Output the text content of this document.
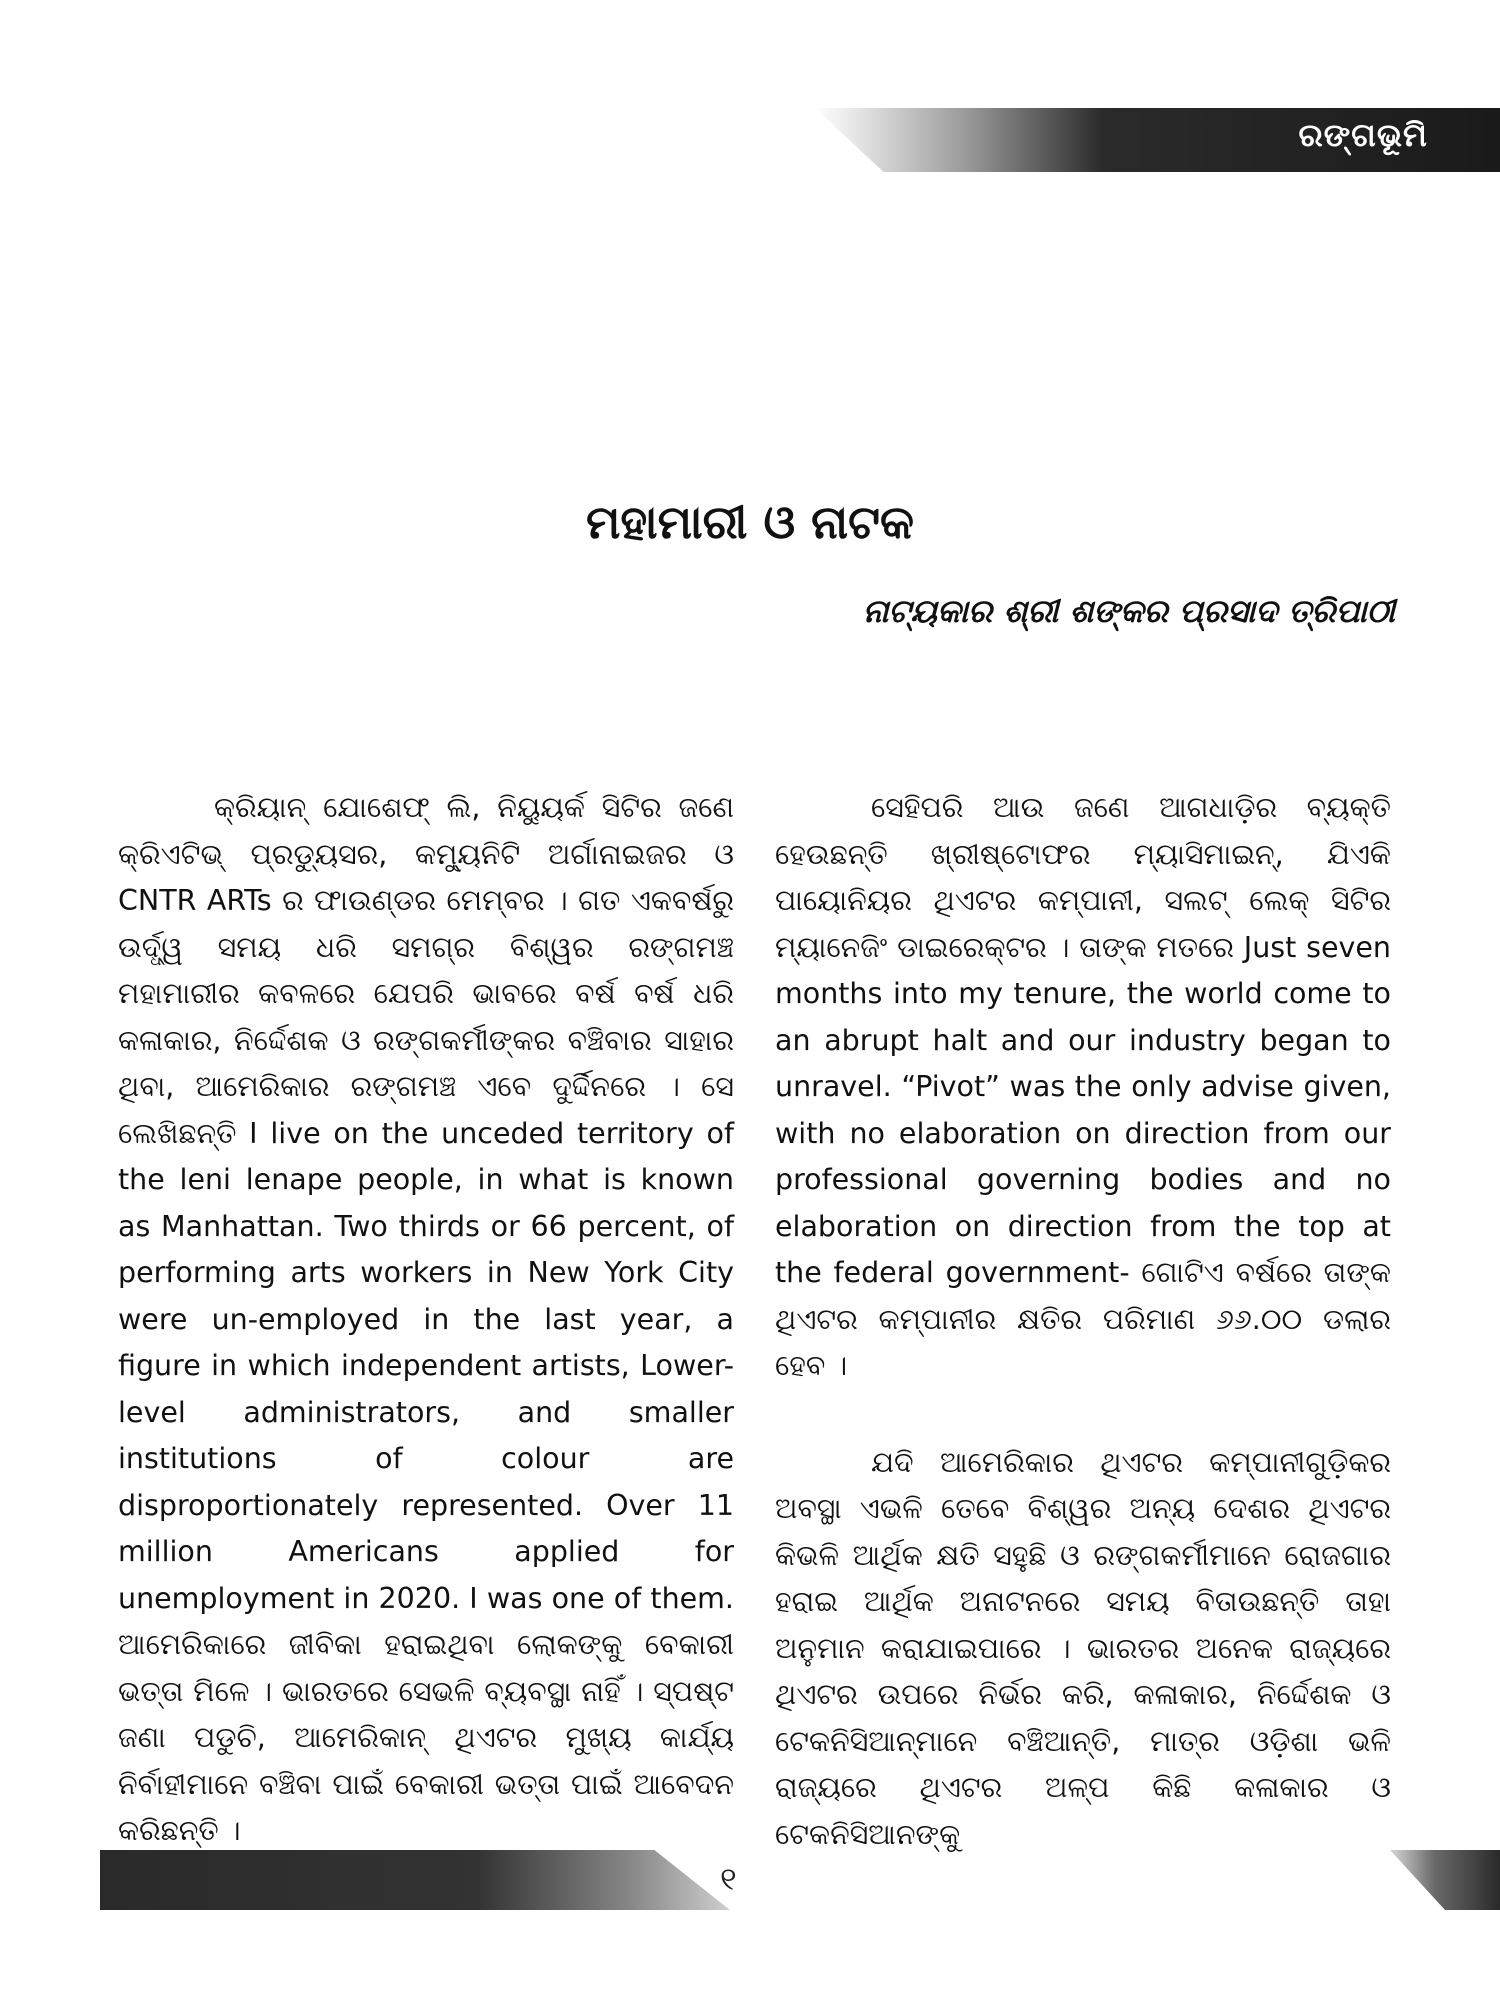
ରଙ୍ଗଭୂମି
ମହାମାରୀ ଓ ନାଟକ
ନାଟ୍ୟକାର ଶ୍ରୀ ଶଙ୍କର ପ୍ରସାଦ ତ୍ରିପାଠୀ

କ୍ରିୟାନ୍ ଯୋଶେଫ୍ ଲି, ନିୟୁୟର୍କ ସିଟିର ଜଣେ କ୍ରିଏଟିଭ୍ ପ୍ରଡ୍ୟୁସର, କମ୍ୟୁନିଟି ଅର୍ଗାନାଇଜର ଓ CNTR ARTs ର ଫାଉଣ୍ଡର ମେମ୍ବର । ଗତ ଏକବର୍ଷରୁ ଉର୍ଦ୍ଧ୍ୱ ସମୟ ଧରି ସମଗ୍ର ବିଶ୍ୱର ରଙ୍ଗମଞ୍ଚ ମହାମାରୀର କବଳରେ ଯେପରି ଭାବରେ ବର୍ଷ ବର୍ଷ ଧରି କଳାକାର, ନିର୍ଦ୍ଦେଶକ ଓ ରଙ୍ଗକର୍ମୀଙ୍କର ବଞ୍ଚିବାର ସାହାର ଥିବା, ଆମେରିକାର ରଙ୍ଗମଞ୍ଚ ଏବେ ଦୁର୍ଦ୍ଦିନରେ । ସେ ଲେଖିଛନ୍ତି I live on the unceded territory of the leni lenape people, in what is known as Manhattan. Two thirds or 66 percent, of performing arts workers in New York City were un-employed in the last year, a figure in which independent artists, Lower-level administrators, and smaller institutions of colour are disproportionately represented. Over 11 million Americans applied for unemployment in 2020. I was one of them. ଆମେରିକାରେ ଜୀବିକା ହରାଇଥିବା ଲୋକଙ୍କୁ ବେକାରୀ ଭତ୍ତା ମିଳେ । ଭାରତରେ ସେଭଳି ବ୍ୟବସ୍ଥା ନାହିଁ । ସ୍ପଷ୍ଟ ଜଣା ପଡୁଚି, ଆମେରିକାନ୍ ଥିଏଟର ମୁଖ୍ୟ କାର୍ଯ୍ୟ ନିର୍ବାହୀମାନେ ବଞ୍ଚିବା ପାଇଁ ବେକାରୀ ଭତ୍ତା ପାଇଁ ଆବେଦନ କରିଛନ୍ତି ।

ସେହିପରି ଆଉ ଜଣେ ଆଗଧାଡ଼ିର ବ୍ୟକ୍ତି ହେଉଛନ୍ତି ଖ୍ରୀଷ୍ଟୋଫର ମ୍ୟାସିମାଇନ୍, ଯିଏକି ପାୟୋନିୟର ଥିଏଟର କମ୍ପାନୀ, ସଲଟ୍ ଲେକ୍ ସିଟିର ମ୍ୟାନେଜିଂ ଡାଇରେକ୍ଟର । ତାଙ୍କ ମତରେ Just seven months into my tenure, the world come to an abrupt halt and our industry began to unravel. “Pivot” was the only advise given, with no elaboration on direction from our professional governing bodies and no elaboration on direction from the top at the federal government- ଗୋଟିଏ ବର୍ଷରେ ତାଙ୍କ ଥିଏଟର କମ୍ପାନୀର କ୍ଷତିର ପରିମାଣ ୬୬.୦୦ ଡଲାର ହେବ ।

ଯଦି ଆମେରିକାର ଥିଏଟର କମ୍ପାନୀଗୁଡ଼ିକର ଅବସ୍ଥା ଏଭଳି ତେବେ ବିଶ୍ୱର ଅନ୍ୟ ଦେଶର ଥିଏଟର କିଭଳି ଆର୍ଥିକ କ୍ଷତି ସହୁଛି ଓ ରଙ୍ଗକର୍ମୀମାନେ ରୋଜଗାର ହରାଇ ଆର୍ଥିକ ଅନାଟନରେ ସମୟ ବିତାଉଛନ୍ତି ତାହା ଅନୁମାନ କରାଯାଇପାରେ । ଭାରତର ଅନେକ ରାଜ୍ୟରେ ଥିଏଟର ଉପରେ ନିର୍ଭର କରି, କଳାକାର, ନିର୍ଦ୍ଦେଶକ ଓ ଟେକନିସିଆନ୍‌ମାନେ ବଞ୍ଚିଆନ୍ତି, ମାତ୍ର ଓଡ଼ିଶା ଭଳି ରାଜ୍ୟରେ ଥିଏଟର ଅଳ୍ପ କିଛି କଳାକାର ଓ ଟେକନିସିଆନଙ୍କୁ

୧
